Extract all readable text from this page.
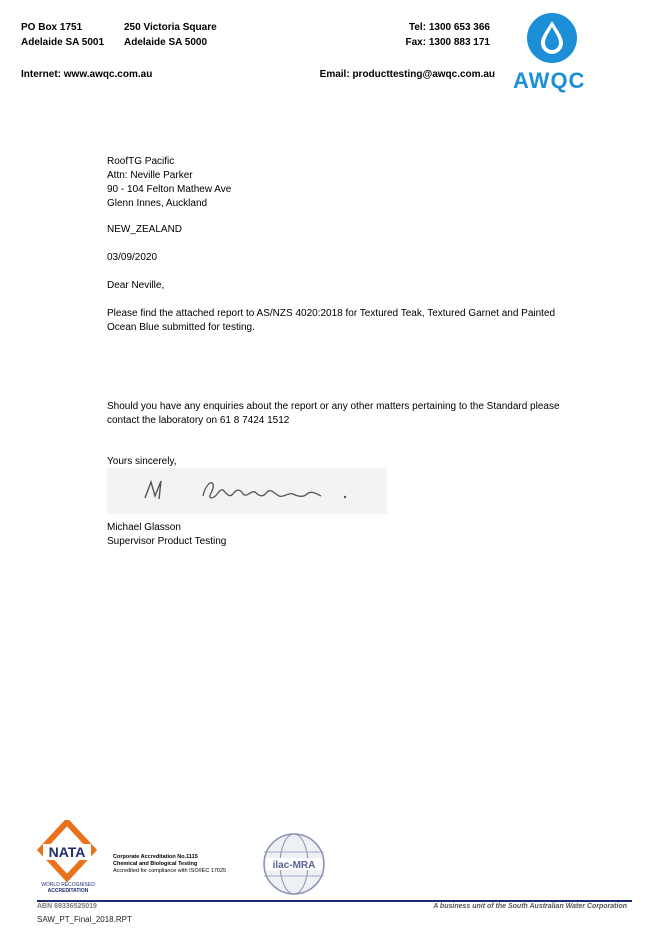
PO Box 1751
Adelaide SA 5001
250 Victoria Square
Adelaide SA 5000
Tel: 1300 653 366
Fax: 1300 883 171
Internet: www.awqc.com.au	Email: producttesting@awqc.com.au AWQC
RoofTG Pacific
Attn: Neville Parker
90 - 104 Felton Mathew Ave
Glenn Innes, Auckland
NEW_ZEALAND
03/09/2020
Dear Neville,
Please find the attached report to AS/NZS 4020:2018 for Textured Teak, Textured Garnet and Painted
Ocean Blue submitted for testing.
Should you have any enquiries about the report or any other matters pertaining to the Standard please
contact the laboratory on 61 8 7424 1512
Yours sincerely,
Michael Glasson
Supervisor Product Testing
NATA
WORLD RECOGNISED
ACCREDITATION
Corporate Accreditation No.1115
Chemical and Biological Testing
Accredited for compliance with ISO/IEC 17025	ilac-MRA
ABN 69336525019	A business unit of the South Australian Water Corporation
SAW_PT_Final_2018.RPT
